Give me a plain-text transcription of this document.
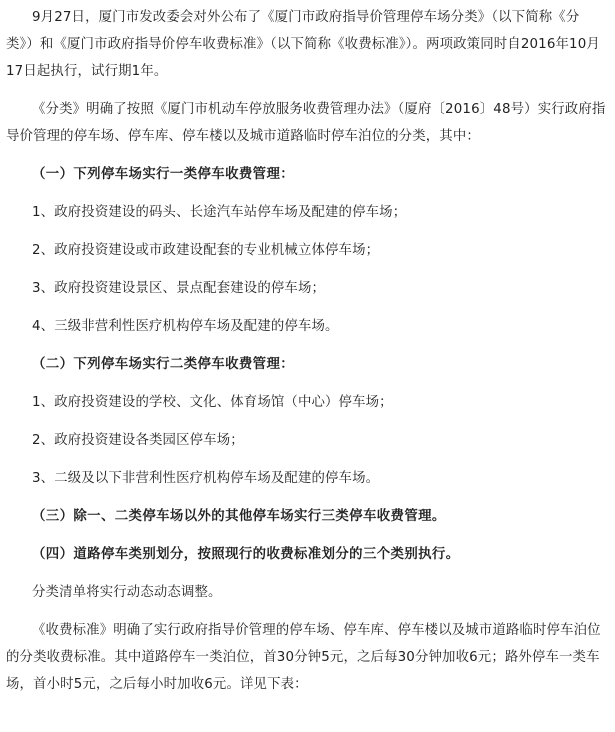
9月27日，厦门市发改委会对外公布了《厦门市政府指导价管理停车场分类》（以下简称《分类》）和《厦门市政府指导价停车收费标准》（以下简称《收费标准》）。两项政策同时自2016年10月17日起执行，试行期1年。

《分类》明确了按照《厦门市机动车停放服务收费管理办法》（厦府〔2016〕48号）实行政府指导价管理的停车场、停车库、停车楼以及城市道路临时停车泊位的分类，其中：

（一）下列停车场实行一类停车收费管理：

1、政府投资建设的码头、长途汽车站停车场及配建的停车场；

2、政府投资建设或市政建设配套的专业机械立体停车场；

3、政府投资建设景区、景点配套建设的停车场；

4、三级非营利性医疗机构停车场及配建的停车场。

（二）下列停车场实行二类停车收费管理：

1、政府投资建设的学校、文化、体育场馆（中心）停车场；

2、政府投资建设各类园区停车场；

3、二级及以下非营利性医疗机构停车场及配建的停车场。

（三）除一、二类停车场以外的其他停车场实行三类停车收费管理。

（四）道路停车类别划分，按照现行的收费标准划分的三个类别执行。

分类清单将实行动态动态调整。

《收费标准》明确了实行政府指导价管理的停车场、停车库、停车楼以及城市道路临时停车泊位的分类收费标准。其中道路停车一类泊位，首30分钟5元，之后每30分钟加收6元；路外停车一类车场，首小时5元，之后每小时加收6元。详见下表：
